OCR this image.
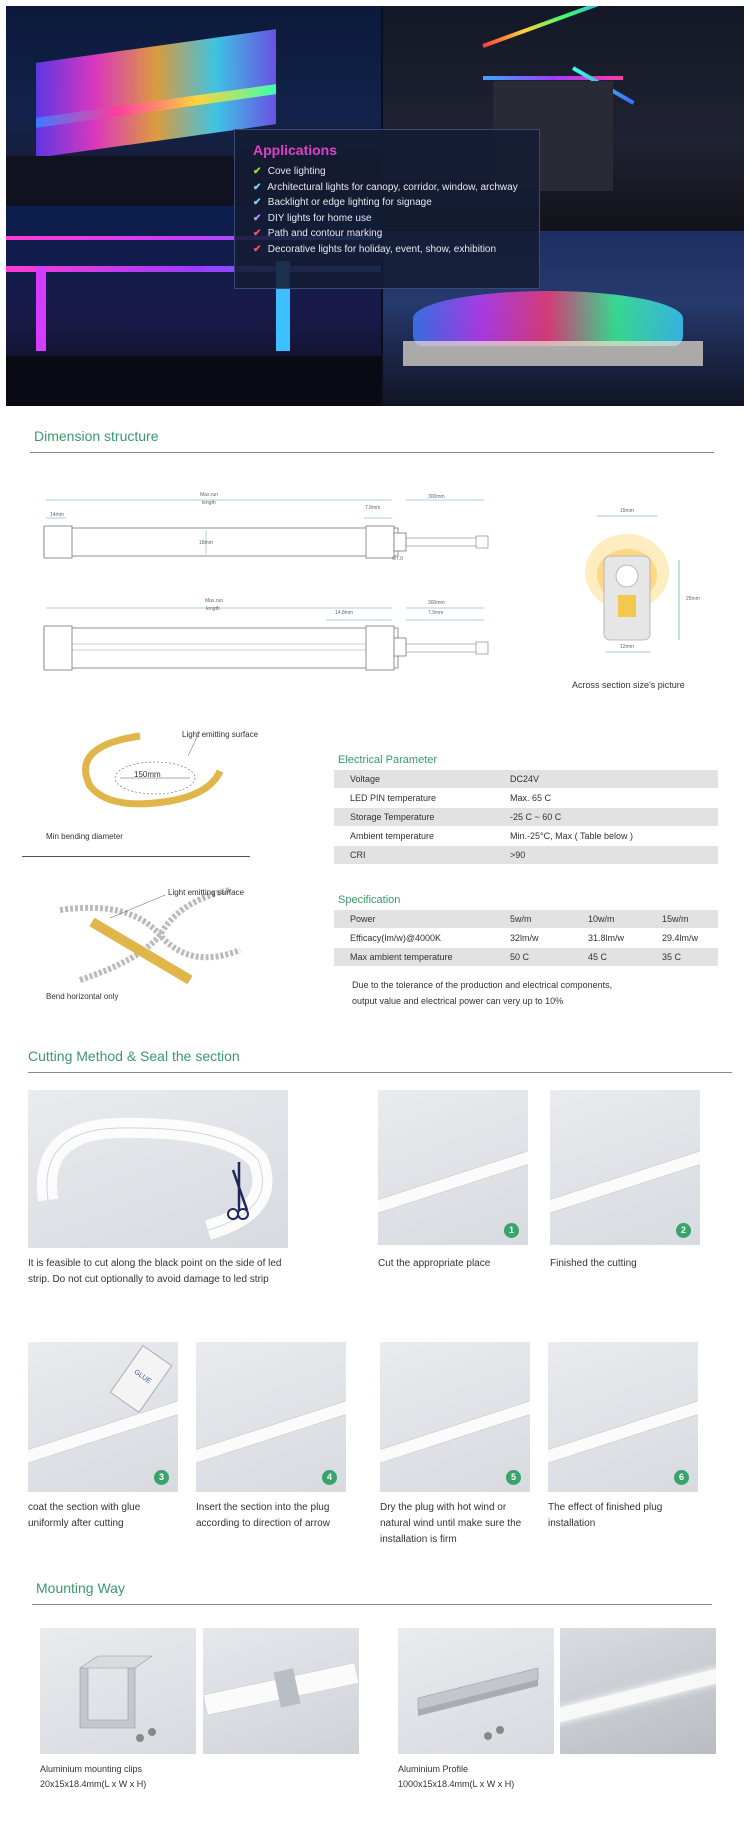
Applications
✔ Cove lighting
✔ Architectural lights for canopy, corridor, window, archway
✔ Backlight or edge lighting for signage
✔ DIY lights for home use
✔ Path and contour marking
✔ Decorative lights for holiday, event, show, exhibition
Dimension structure
Max.run
length
14mm
7.8mm
300mm
18mm
Φ7.0
Max.run
length
14.8mm
300mm
7.9mm
15mm
25mm
12mm
Across section size's picture
Light emitting surface
150mm
Min bending diameter
Light emitting surface
Bend horizontal only
Electrical Parameter
Voltage	DC24V
LED PIN temperature	Max. 65 C
Storage Temperature	-25 C ~ 60 C
Ambient temperature	Min.-25°C, Max ( Table below )
CRI	>90
Specification
Power	5w/m	10w/m	15w/m
Efficacy(lm/w)@4000K	32lm/w	31.8lm/w	29.4lm/w
Max ambient temperature	50 C	45 C	35 C
Due to the tolerance of the production and electrical components,
output value and electrical power can very up to 10%
Cutting Method & Seal the section
It is feasible to cut along the black point on the side of led
strip. Do not cut optionally to avoid damage to led strip
1
Cut the appropriate place
2
Finished the cutting
GLUE
3
coat the section with glue
uniformly after cutting
4
Insert the section into the plug
according to direction of arrow
5
Dry the plug with hot wind or
natural wind until make sure the
installation is firm
6
The effect of finished plug
installation
Mounting Way
Aluminium mounting clips
20x15x18.4mm(L x W x H)
Aluminium Profile
1000x15x18.4mm(L x W x H)
